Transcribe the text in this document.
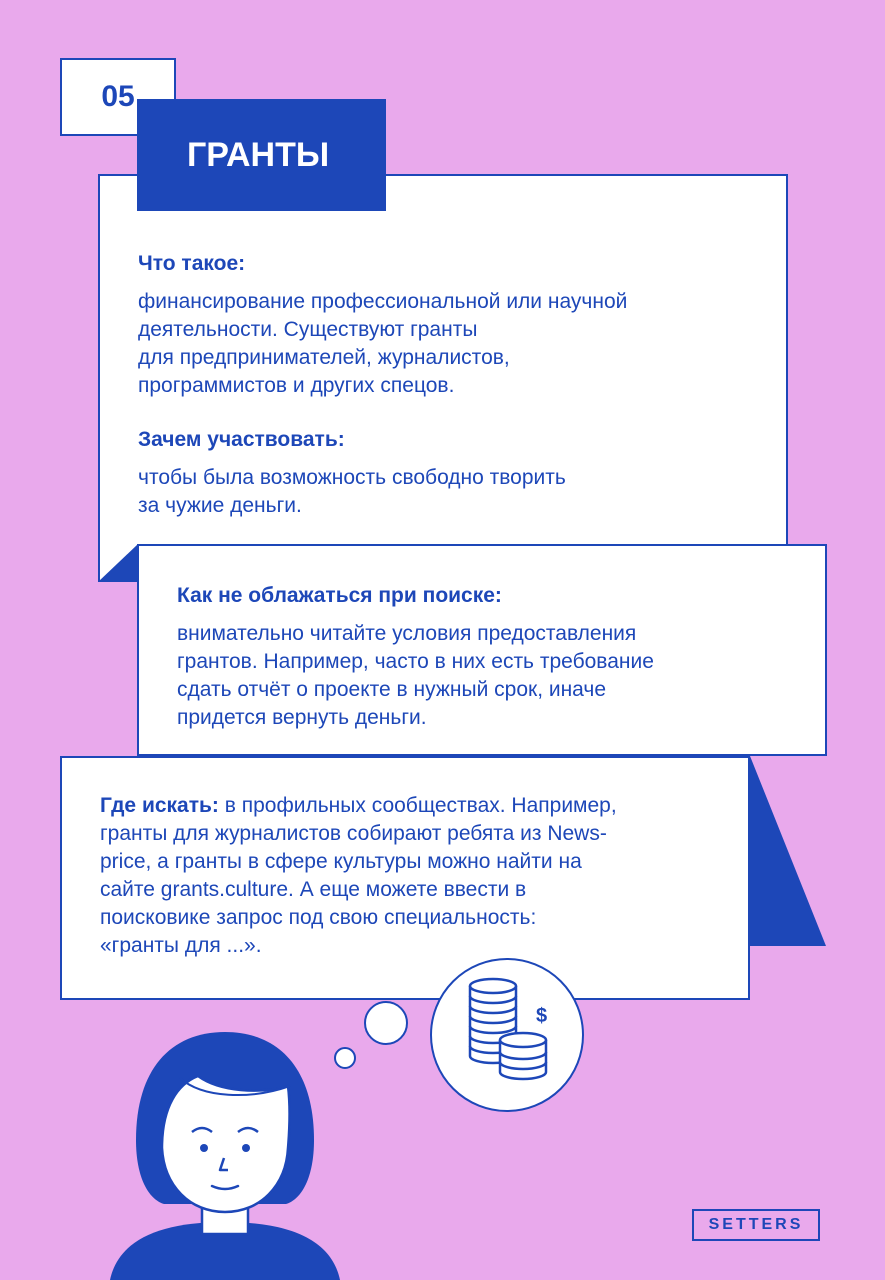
05
ГРАНТЫ
Что такое:
финансирование профессиональной или научной
деятельности. Существуют гранты
для предпринимателей, журналистов,
программистов и других спецов.
Зачем участвовать:
чтобы была возможность свободно творить
за чужие деньги.
Как не облажаться при поиске:
внимательно читайте условия предоставления
грантов. Например, часто в них есть требование
сдать отчёт о проекте в нужный срок, иначе
придется вернуть деньги.
Где искать: в профильных сообществах. Например,
гранты для журналистов собирают ребята из News-
price, а гранты в сфере культуры можно найти на
сайте grants.culture. А еще можете ввести в
поисковике запрос под свою специальность:
«гранты для ...».
$
SETTERS
